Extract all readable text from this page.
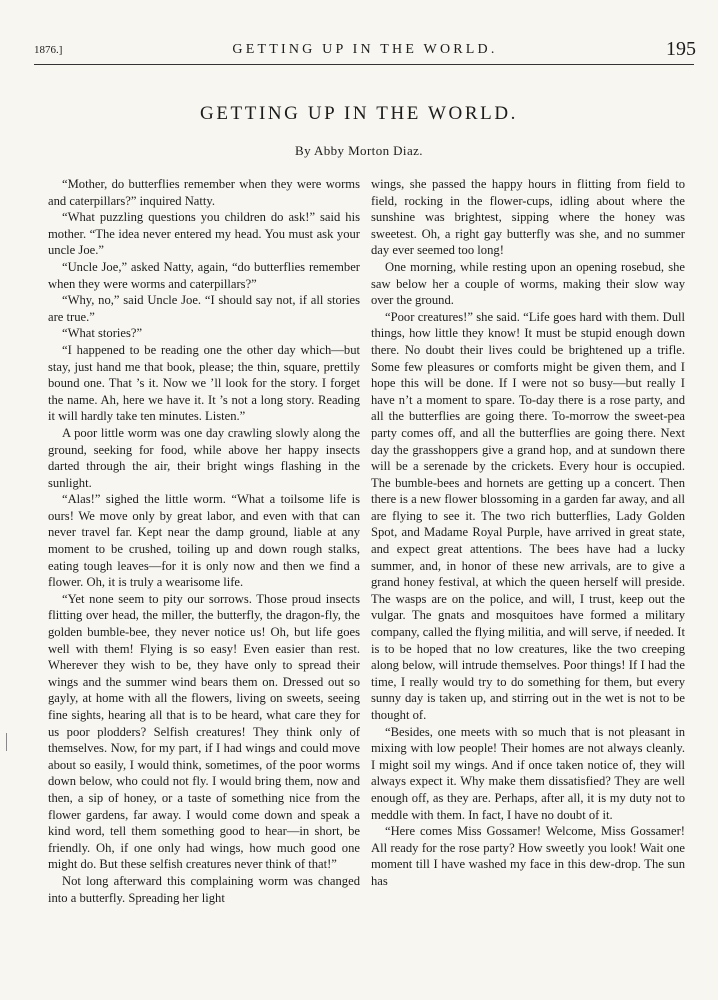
1876.]	GETTING UP IN THE WORLD.	195
GETTING UP IN THE WORLD.
By Abby Morton Diaz.

“Mother, do butterflies remember when they were worms and caterpillars?” inquired Natty.

“What puzzling questions you children do ask!” said his mother. “The idea never entered my head. You must ask your uncle Joe.”

“Uncle Joe,” asked Natty, again, “do butterflies remember when they were worms and caterpillars?”

“Why, no,” said Uncle Joe. “I should say not, if all stories are true.”

“What stories?”

“I happened to be reading one the other day which—but stay, just hand me that book, please; the thin, square, prettily bound one. That ’s it. Now we ’ll look for the story. I forget the name. Ah, here we have it. It ’s not a long story. Reading it will hardly take ten minutes. Listen.”

A poor little worm was one day crawling slowly along the ground, seeking for food, while above her happy insects darted through the air, their bright wings flashing in the sunlight.

“Alas!” sighed the little worm. “What a toilsome life is ours! We move only by great labor, and even with that can never travel far. Kept near the damp ground, liable at any moment to be crushed, toiling up and down rough stalks, eating tough leaves—for it is only now and then we find a flower. Oh, it is truly a wearisome life.

“Yet none seem to pity our sorrows. Those proud insects flitting over head, the miller, the butterfly, the dragon-fly, the golden bumble-bee, they never notice us! Oh, but life goes well with them! Flying is so easy! Even easier than rest. Wherever they wish to be, they have only to spread their wings and the summer wind bears them on. Dressed out so gayly, at home with all the flowers, living on sweets, seeing fine sights, hearing all that is to be heard, what care they for us poor plodders? Selfish creatures! They think only of themselves. Now, for my part, if I had wings and could move about so easily, I would think, sometimes, of the poor worms down below, who could not fly. I would bring them, now and then, a sip of honey, or a taste of something nice from the flower gardens, far away. I would come down and speak a kind word, tell them something good to hear—in short, be friendly. Oh, if one only had wings, how much good one might do. But these selfish creatures never think of that!”

Not long afterward this complaining worm was changed into a butterfly. Spreading her light

wings, she passed the happy hours in flitting from field to field, rocking in the flower-cups, idling about where the sunshine was brightest, sipping where the honey was sweetest. Oh, a right gay butterfly was she, and no summer day ever seemed too long!

One morning, while resting upon an opening rosebud, she saw below her a couple of worms, making their slow way over the ground.

“Poor creatures!” she said. “Life goes hard with them. Dull things, how little they know! It must be stupid enough down there. No doubt their lives could be brightened up a trifle. Some few pleasures or comforts might be given them, and I hope this will be done. If I were not so busy—but really I have n’t a moment to spare. To-day there is a rose party, and all the butterflies are going there. To-morrow the sweet-pea party comes off, and all the butterflies are going there. Next day the grasshoppers give a grand hop, and at sundown there will be a serenade by the crickets. Every hour is occupied. The bumble-bees and hornets are getting up a concert. Then there is a new flower blossoming in a garden far away, and all are flying to see it. The two rich butterflies, Lady Golden Spot, and Madame Royal Purple, have arrived in great state, and expect great attentions. The bees have had a lucky summer, and, in honor of these new arrivals, are to give a grand honey festival, at which the queen herself will preside. The wasps are on the police, and will, I trust, keep out the vulgar. The gnats and mosquitoes have formed a military company, called the flying militia, and will serve, if needed. It is to be hoped that no low creatures, like the two creeping along below, will intrude themselves. Poor things! If I had the time, I really would try to do something for them, but every sunny day is taken up, and stirring out in the wet is not to be thought of.

“Besides, one meets with so much that is not pleasant in mixing with low people! Their homes are not always cleanly. I might soil my wings. And if once taken notice of, they will always expect it. Why make them dissatisfied? They are well enough off, as they are. Perhaps, after all, it is my duty not to meddle with them. In fact, I have no doubt of it.

“Here comes Miss Gossamer! Welcome, Miss Gossamer! All ready for the rose party? How sweetly you look! Wait one moment till I have washed my face in this dew-drop. The sun has
